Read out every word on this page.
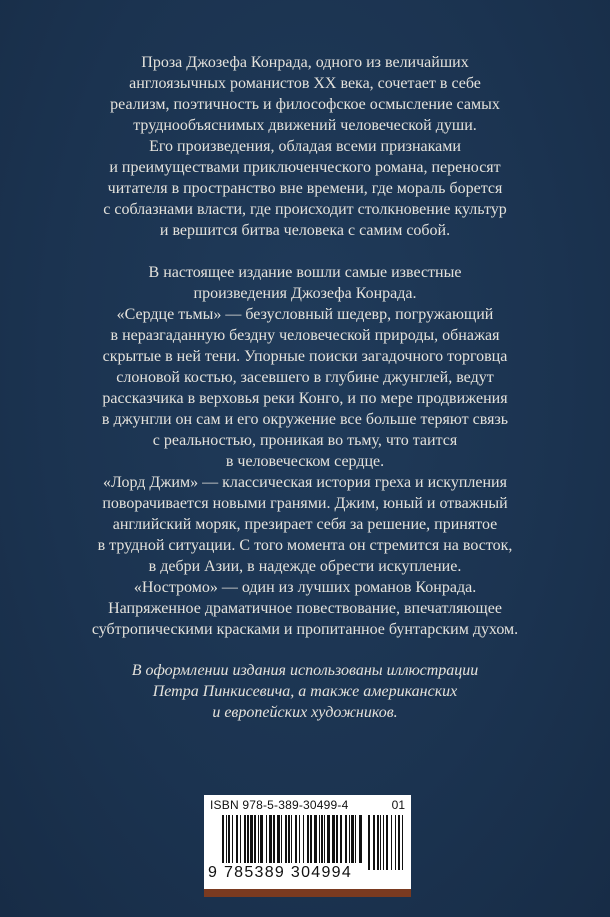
Проза Джозефа Конрада, одного из величайших
англоязычных романистов XX века, сочетает в себе
реализм, поэтичность и философское осмысление самых
труднообъяснимых движений человеческой души.
Его произведения, обладая всеми признаками
и преимуществами приключенческого романа, переносят
читателя в пространство вне времени, где мораль борется
с соблазнами власти, где происходит столкновение культур
и вершится битва человека с самим собой.

В настоящее издание вошли самые известные
произведения Джозефа Конрада.

«Сердце тьмы» — безусловный шедевр, погружающий
в неразгаданную бездну человеческой природы, обнажая
скрытые в ней тени. Упорные поиски загадочного торговца
слоновой костью, засевшего в глубине джунглей, ведут
рассказчика в верховья реки Конго, и по мере продвижения
в джунгли он сам и его окружение все больше теряют связь
с реальностью, проникая во тьму, что таится
в человеческом сердце.

«Лорд Джим» — классическая история греха и искупления
поворачивается новыми гранями. Джим, юный и отважный
английский моряк, презирает себя за решение, принятое
в трудной ситуации. С того момента он стремится на восток,
в дебри Азии, в надежде обрести искупление.

«Ностромо» — один из лучших романов Конрада.
Напряженное драматичное повествование, впечатляющее
субтропическими красками и пропитанное бунтарским духом.

В оформлении издания использованы иллюстрации
Петра Пинкисевича, а также американских
и европейских художников.

ISBN 978-5-389-30499-4	01
9 785389 304994
